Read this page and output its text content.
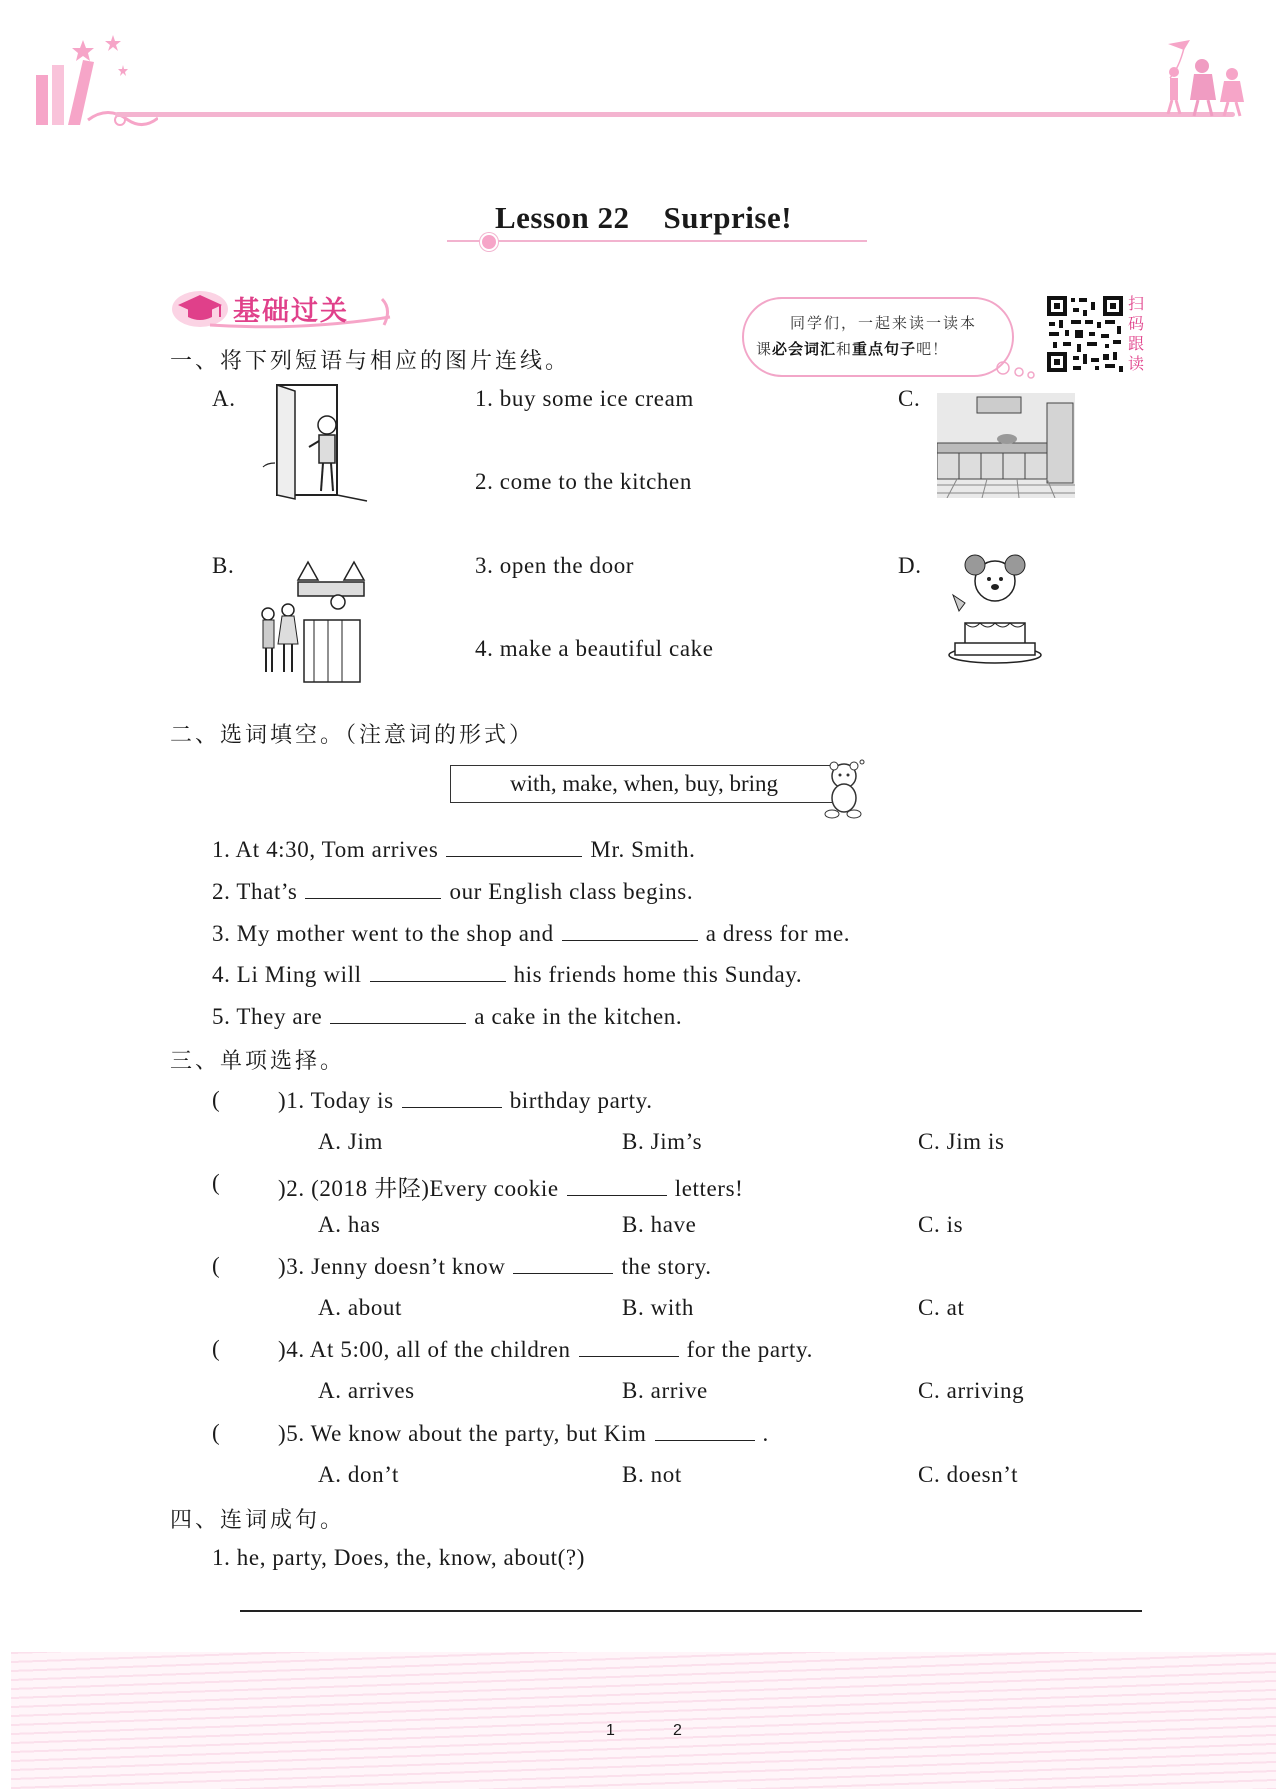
Lesson 22 Surprise!
基础过关	同学们，一起来读一读本
课必会词汇和重点句子吧！
扫
码
跟
读
一、将下列短语与相应的图片连线。
A.
B.
C.
D.
1. buy some ice cream
2. come to the kitchen
3. open the door
4. make a beautiful cake
二、选词填空。（注意词的形式）
with, make, when, buy, bring
1. At 4:30, Tom arrives	Mr. Smith.
2. That’s	our English class begins.
3. My mother went to the shop and	a dress for me.
4. Li Ming will	his friends home this Sunday.
5. They are	a cake in the kitchen.
三、单项选择。
(	)1. Today is	birthday party.
A. Jim	B. Jim’s	C. Jim is
(	)2. (2018 井陉)Every cookie	letters!
A. has	B. have	C. is
(	)3. Jenny doesn’t know	the story.
A. about	B. with	C. at
(	)4. At 5:00, all of the children	for the party.
A. arrives	B. arrive	C. arriving
(	)5. We know about the party, but Kim	.
A. don’t	B. not	C. doesn’t
四、连词成句。
1. he, party, Does, the, know, about(?)
1	2
